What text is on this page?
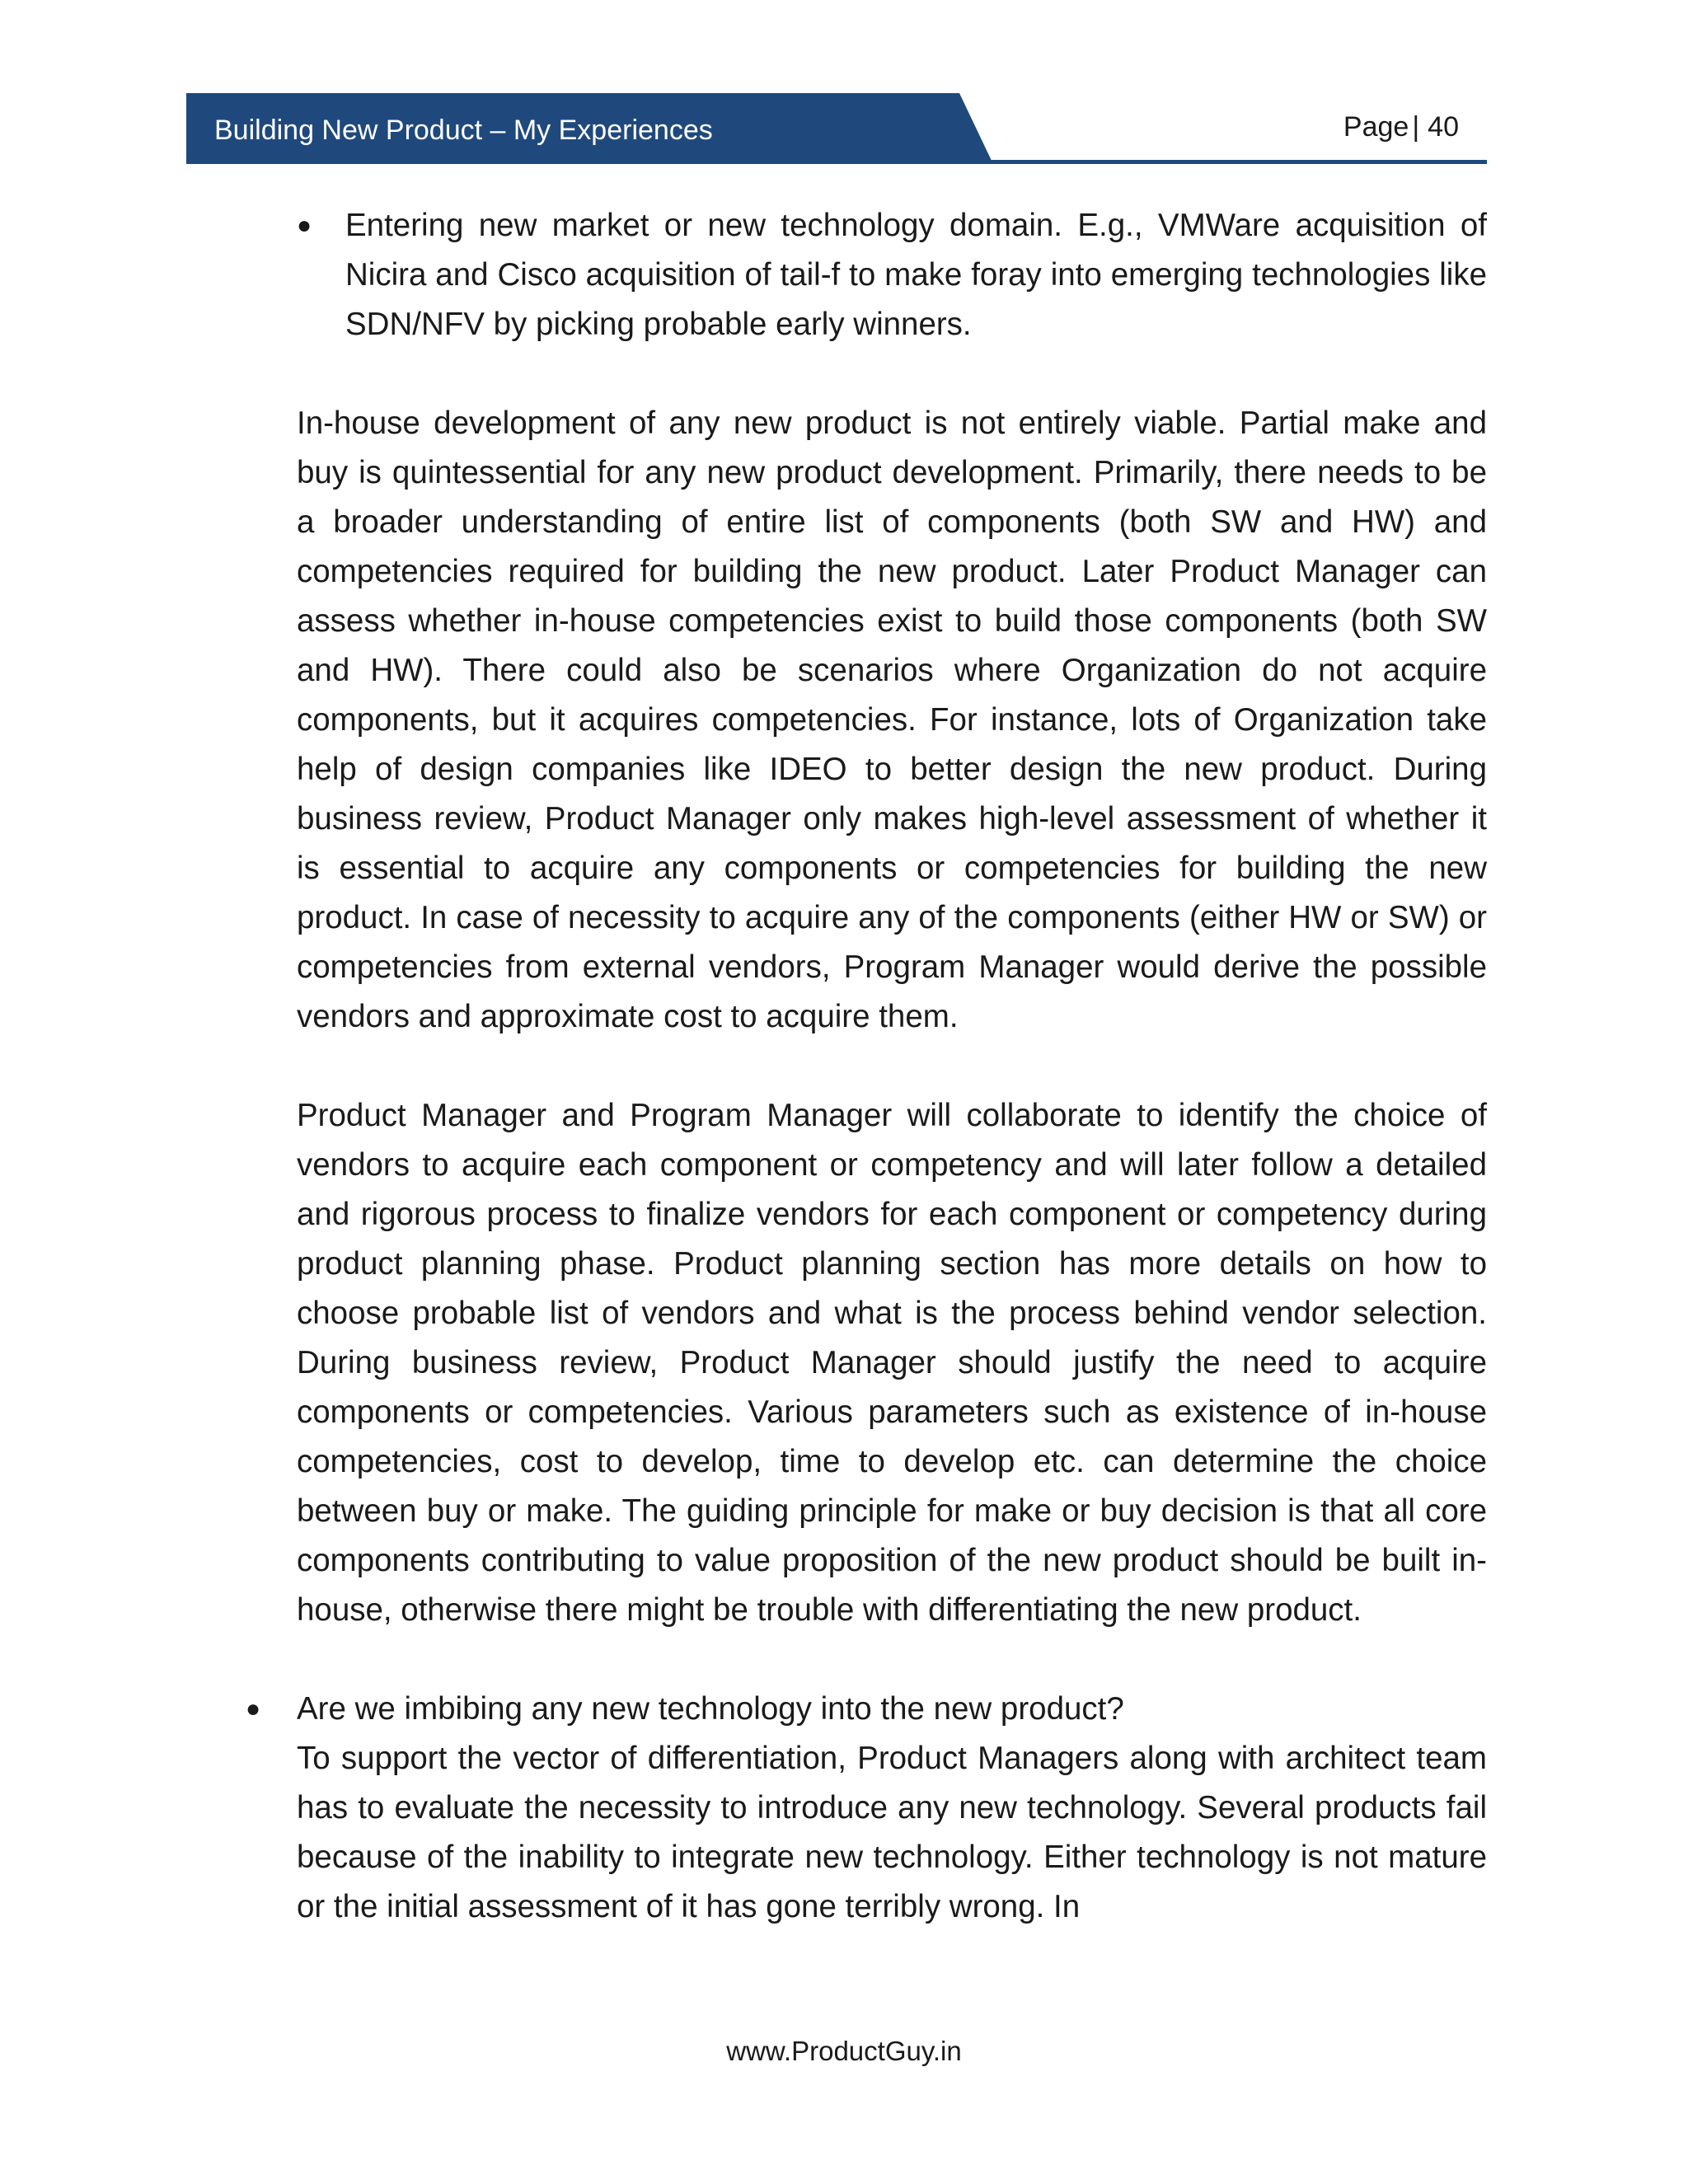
Building New Product – My Experiences	Page | 40
● Entering new market or new technology domain. E.g., VMWare acquisition of Nicira and Cisco acquisition of tail-f to make foray into emerging technologies like SDN/NFV by picking probable early winners.

In-house development of any new product is not entirely viable. Partial make and buy is quintessential for any new product development. Primarily, there needs to be a broader understanding of entire list of components (both SW and HW) and competencies required for building the new product. Later Product Manager can assess whether in-house competencies exist to build those components (both SW and HW). There could also be scenarios where Organization do not acquire components, but it acquires competencies. For instance, lots of Organization take help of design companies like IDEO to better design the new product. During business review, Product Manager only makes high-level assessment of whether it is essential to acquire any components or competencies for building the new product. In case of necessity to acquire any of the components (either HW or SW) or competencies from external vendors, Program Manager would derive the possible vendors and approximate cost to acquire them.

Product Manager and Program Manager will collaborate to identify the choice of vendors to acquire each component or competency and will later follow a detailed and rigorous process to finalize vendors for each component or competency during product planning phase. Product planning section has more details on how to choose probable list of vendors and what is the process behind vendor selection. During business review, Product Manager should justify the need to acquire components or competencies. Various parameters such as existence of in-house competencies, cost to develop, time to develop etc. can determine the choice between buy or make. The guiding principle for make or buy decision is that all core components contributing to value proposition of the new product should be built in-house, otherwise there might be trouble with differentiating the new product.

● Are we imbibing any new technology into the new product?

To support the vector of differentiation, Product Managers along with architect team has to evaluate the necessity to introduce any new technology. Several products fail because of the inability to integrate new technology. Either technology is not mature or the initial assessment of it has gone terribly wrong. In

www.ProductGuy.in
